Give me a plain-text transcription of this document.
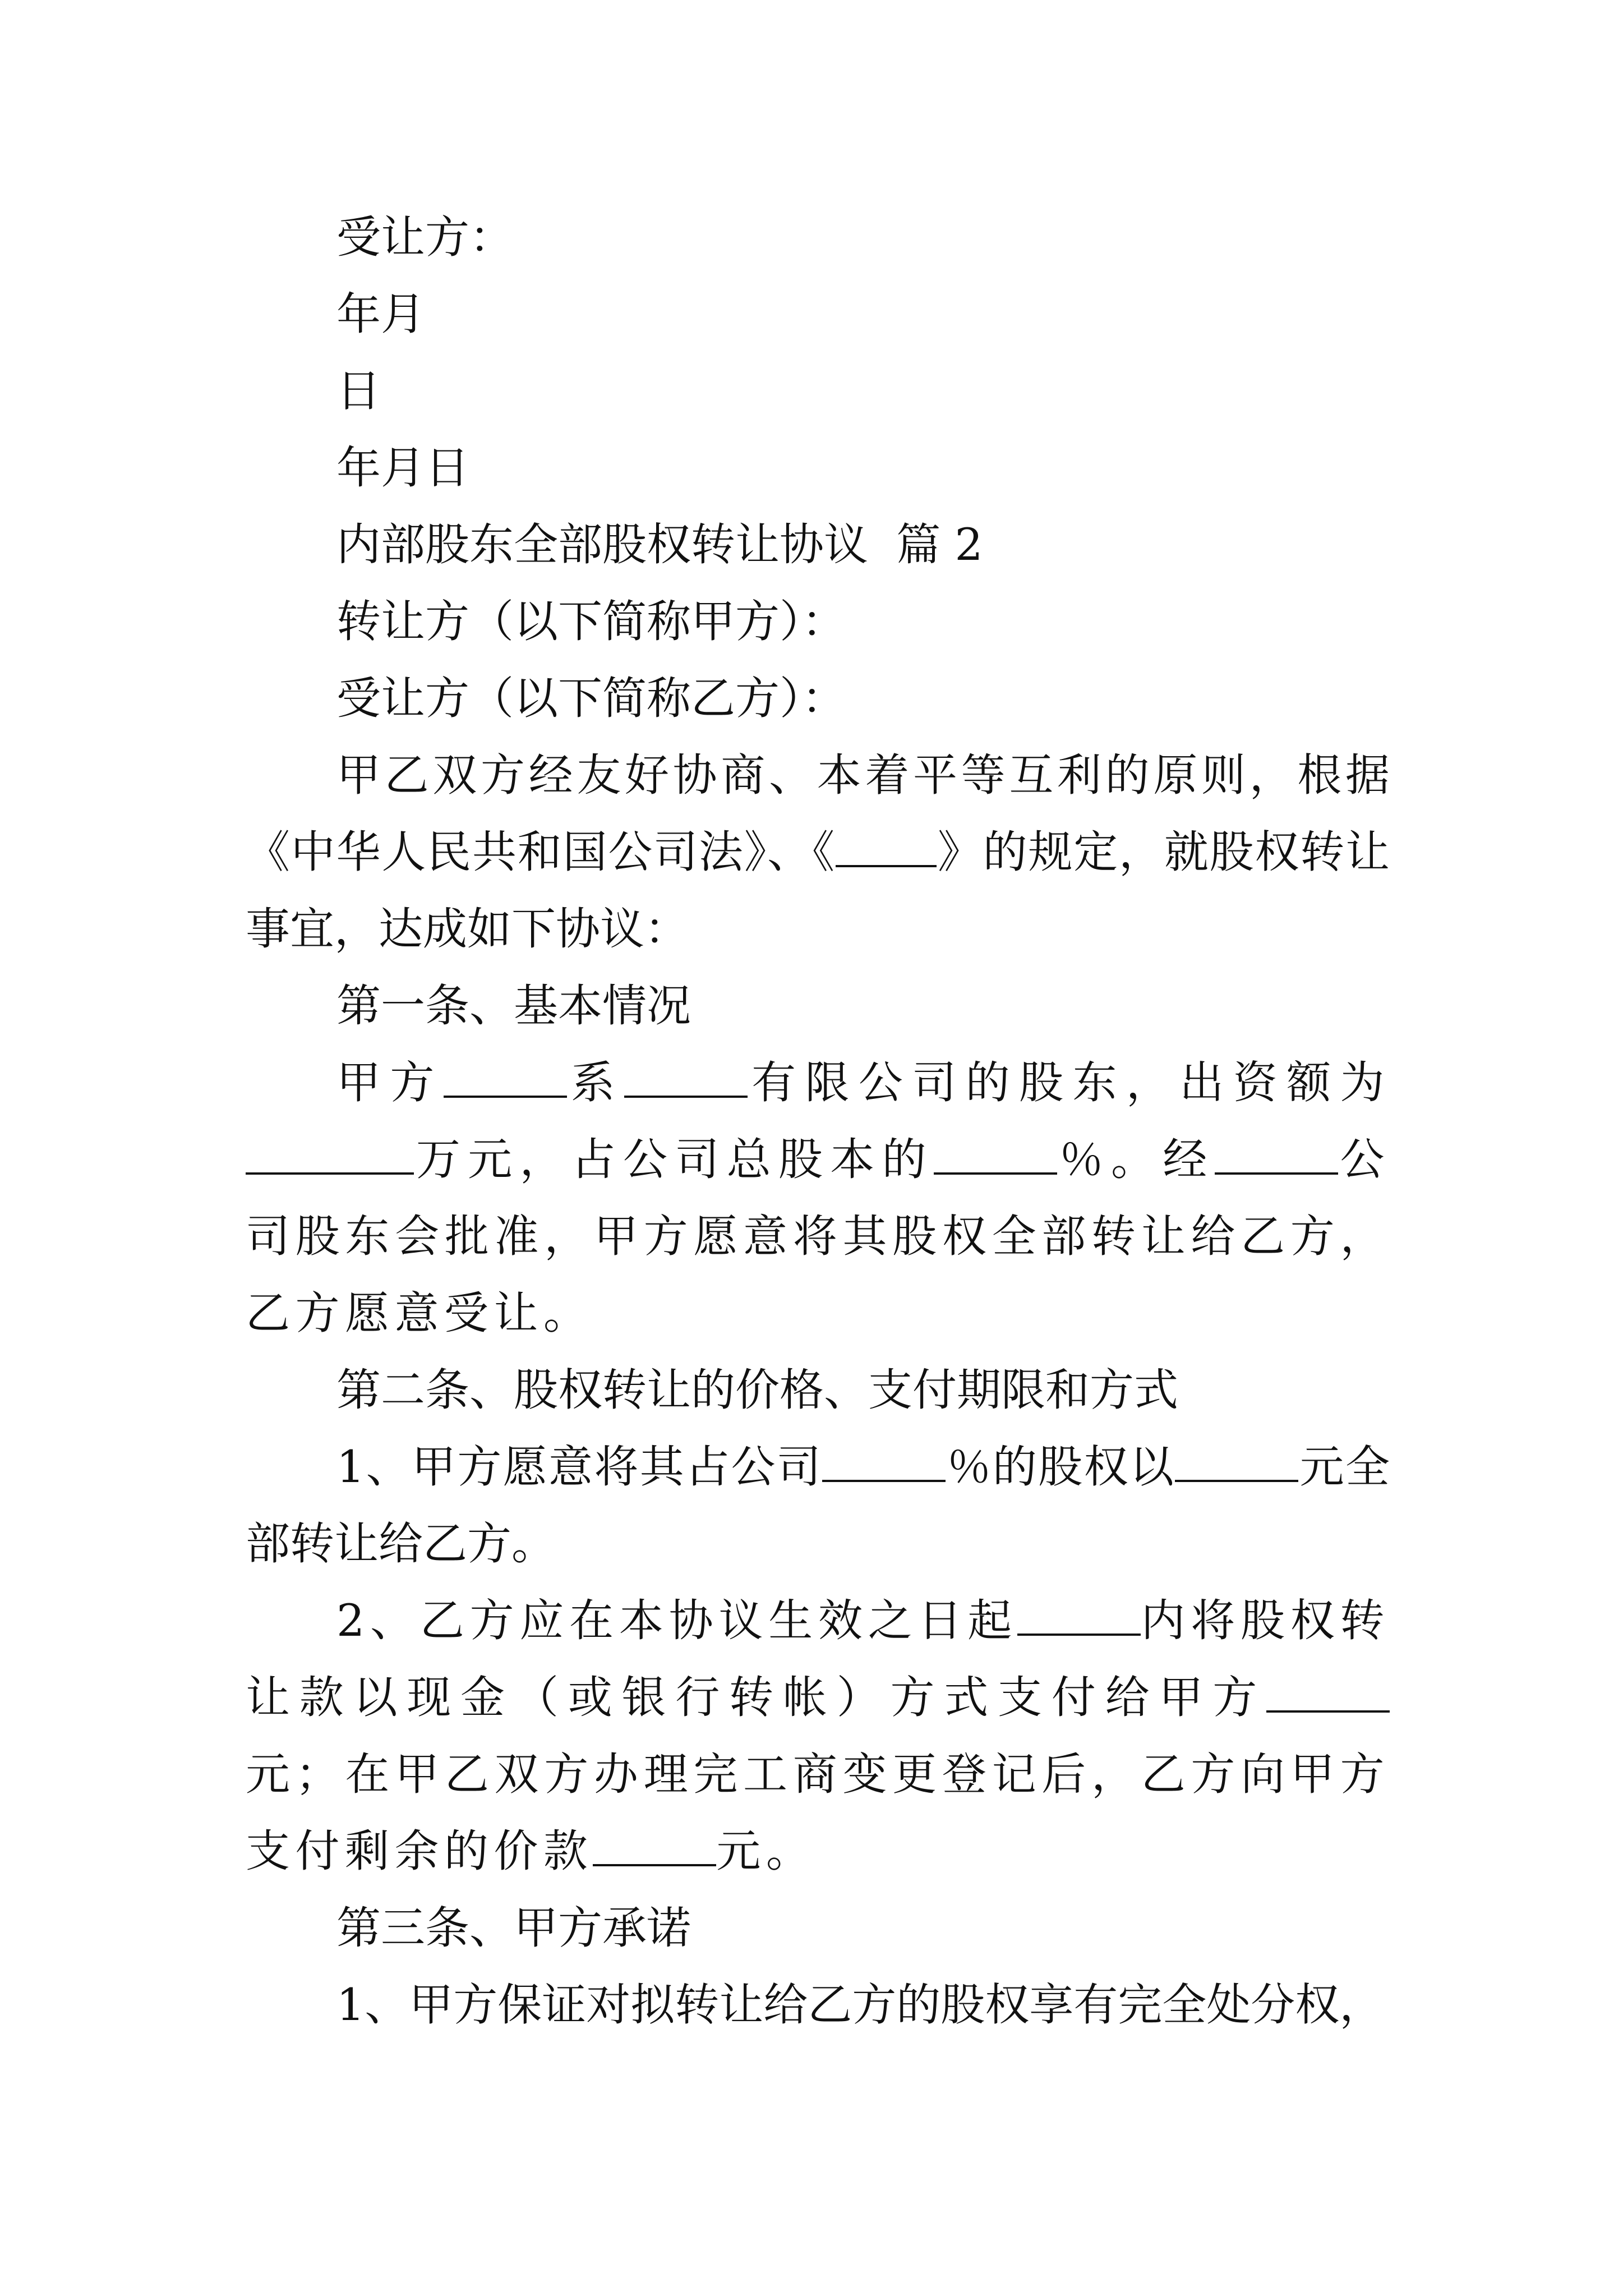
受让方：
年月
日
年月日
内部股东全部股权转让协议  篇 2
转让方（以下简称甲方）：
受让方（以下简称乙方）：

甲乙双方经友好协商、本着平等互利的原则，根据《中华人民共和国公司法》、《 》的规定，就股权转让事宜，达成如下协议：

第一条、基本情况

甲方	系	有限公司的股东，出资额为万元，占公司总股本的	％。经	公司股东会批准，甲方愿意将其股权全部转让给乙方，乙方愿意受让。

第二条、股权转让的价格、支付期限和方式

1、甲方愿意将其占公司	％的股权以	元全部转让给乙方。

2、乙方应在本协议生效之日起	内将股权转让款以现金（或银行转帐）方式支付给甲方元；在甲乙双方办理完工商变更登记后，乙方向甲方支付剩余的价款	元。

第三条、甲方承诺
1、甲方保证对拟转让给乙方的股权享有完全处分权，
